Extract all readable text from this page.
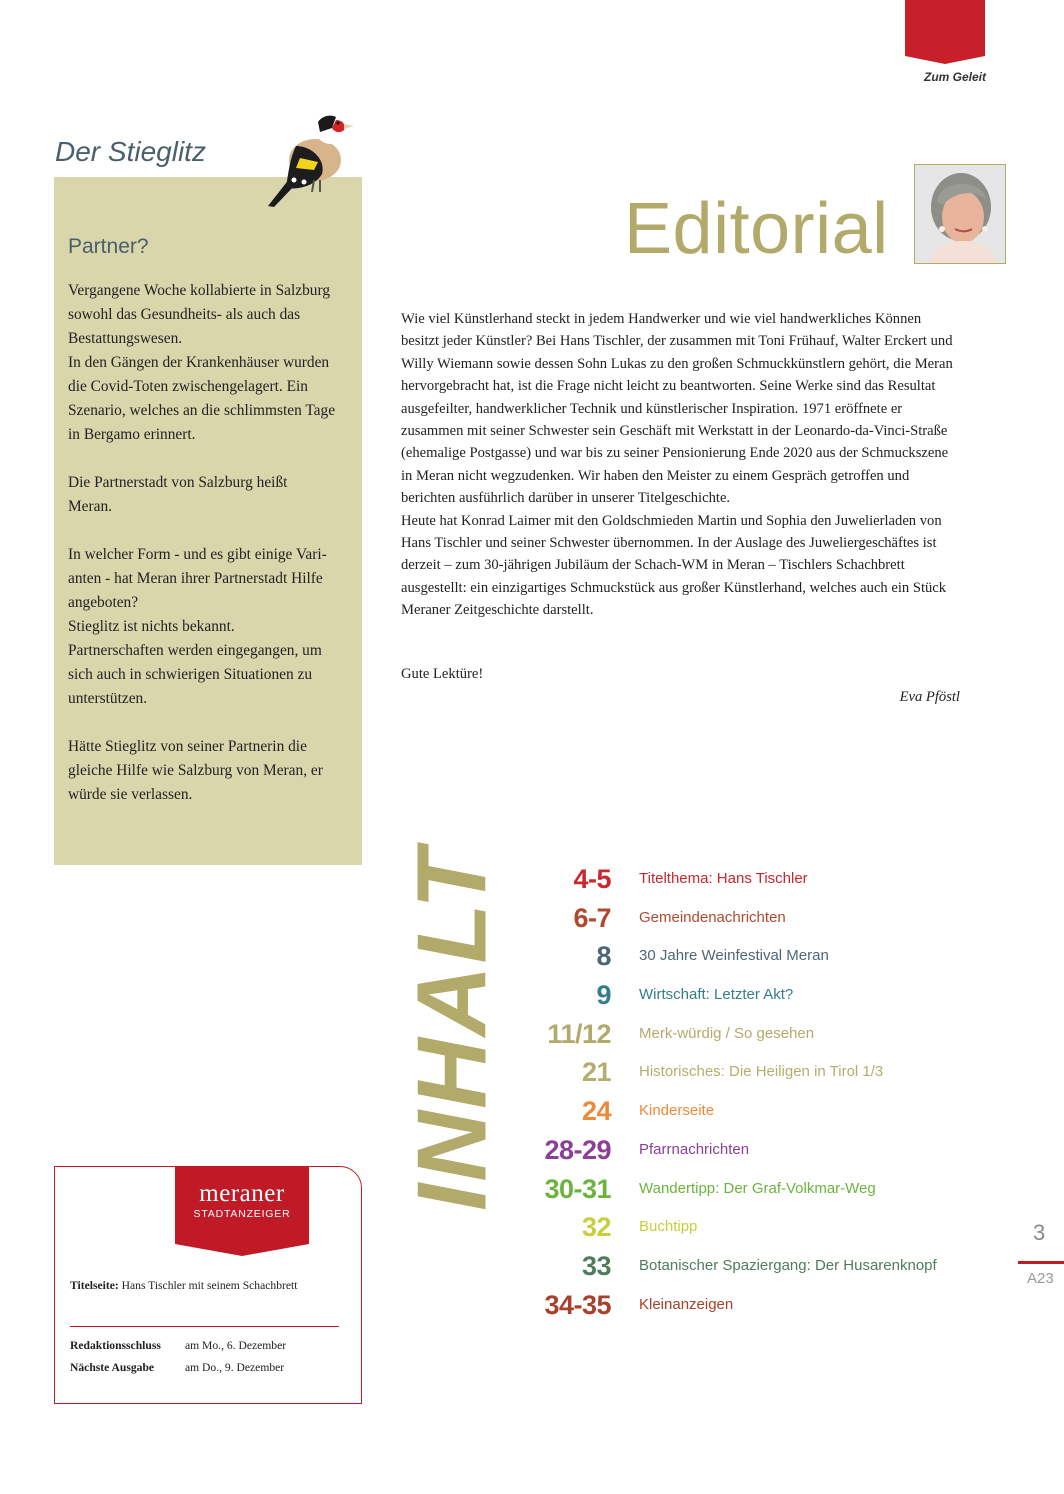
Zum Geleit
Der Stieglitz
Partner?

Vergangene Woche kollabierte in Salzburg
sowohl das Gesundheits- als auch das
Bestattungswesen.
In den Gängen der Krankenhäuser wurden
die Covid-Toten zwischengelagert. Ein
Szenario, welches an die schlimmsten Tage
in Bergamo erinnert.

Die Partnerstadt von Salzburg heißt
Meran.

In welcher Form - und es gibt einige Vari-
anten - hat Meran ihrer Partnerstadt Hilfe
angeboten?
Stieglitz ist nichts bekannt.
Partnerschaften werden eingegangen, um
sich auch in schwierigen Situationen zu
unterstützen.

Hätte Stieglitz von seiner Partnerin die
gleiche Hilfe wie Salzburg von Meran, er
würde sie verlassen.

Editorial

Wie viel Künstlerhand steckt in jedem Handwerker und wie viel handwerkliches Können besitzt jeder Künstler? Bei Hans Tischler, der zusammen mit Toni Frühauf, Walter Erckert und Willy Wiemann sowie dessen Sohn Lukas zu den großen Schmuckkünstlern gehört, die Meran hervorgebracht hat, ist die Frage nicht leicht zu beantworten. Seine Werke sind das Resultat ausgefeilter, handwerklicher Technik und künstlerischer Inspiration. 1971 eröffnete er zusammen mit seiner Schwester sein Geschäft mit Werkstatt in der Leonardo-da-Vinci-Straße (ehemalige Postgasse) und war bis zu seiner Pensionierung Ende 2020 aus der Schmuckszene in Meran nicht wegzudenken. Wir haben den Meister zu einem Gespräch getroffen und berichten ausführlich darüber in unserer Titelgeschichte.

Heute hat Konrad Laimer mit den Goldschmieden Martin und Sophia den Juwelierladen von Hans Tischler und seiner Schwester übernommen. In der Auslage des Juweliergeschäftes ist derzeit – zum 30-jährigen Jubiläum der Schach-WM in Meran – Tischlers Schachbrett ausgestellt: ein einzigartiges Schmuckstück aus großer Künstlerhand, welches auch ein Stück Meraner Zeitgeschichte darstellt.

Gute Lektüre!
Eva Pföstl
INHALT	4-5 Titelthema: Hans Tischler
6-7 Gemeindenachrichten
8 30 Jahre Weinfestival Meran
9 Wirtschaft: Letzter Akt?
11/12 Merk-würdig / So gesehen
21 Historisches: Die Heiligen in Tirol 1/3
24 Kinderseite
28-29 Pfarrnachrichten
30-31 Wandertipp: Der Graf-Volkmar-Weg
32 Buchtipp
33 Botanischer Spaziergang: Der Husarenknopf
34-35 Kleinanzeigen
3
A23
meraner
STADTANZEIGER
Titelseite: Hans Tischler mit seinem Schachbrett
Redaktionsschluss am Mo., 6. Dezember
Nächste Ausgabe	am Do., 9. Dezember
